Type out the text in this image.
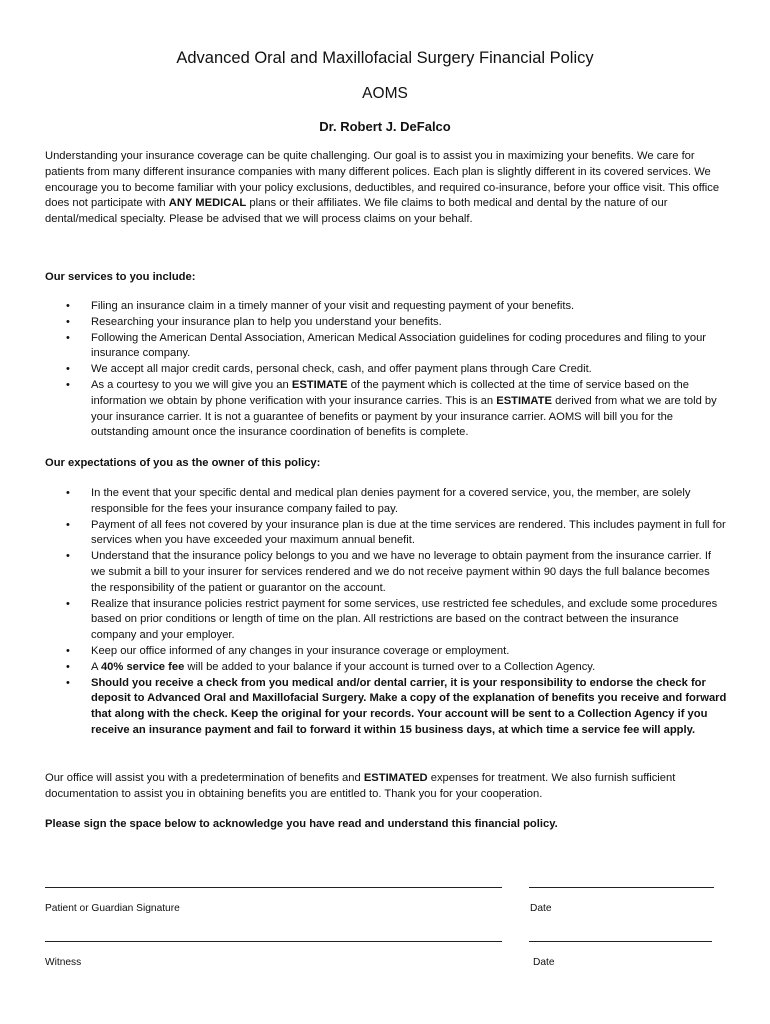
Advanced Oral and Maxillofacial Surgery Financial Policy
AOMS
Dr. Robert J. DeFalco

Understanding your insurance coverage can be quite challenging. Our goal is to assist you in maximizing your benefits. We care for patients from many different insurance companies with many different polices. Each plan is slightly different in its covered services. We encourage you to become familiar with your policy exclusions, deductibles, and required co-insurance, before your office visit. This office does not participate with ANY MEDICAL plans or their affiliates. We file claims to both medical and dental by the nature of our dental/medical specialty. Please be advised that we will process claims on your behalf.

Our services to you include:

• Filing an insurance claim in a timely manner of your visit and requesting payment of your benefits.
• Researching your insurance plan to help you understand your benefits.
• Following the American Dental Association, American Medical Association guidelines for coding procedures and filing to your insurance company.
• We accept all major credit cards, personal check, cash, and offer payment plans through Care Credit.
• As a courtesy to you we will give you an ESTIMATE of the payment which is collected at the time of service based on the information we obtain by phone verification with your insurance carries. This is an ESTIMATE derived from what we are told by your insurance carrier. It is not a guarantee of benefits or payment by your insurance carrier. AOMS will bill you for the outstanding amount once the insurance coordination of benefits is complete.

Our expectations of you as the owner of this policy:

• In the event that your specific dental and medical plan denies payment for a covered service, you, the member, are solely responsible for the fees your insurance company failed to pay.
• Payment of all fees not covered by your insurance plan is due at the time services are rendered. This includes payment in full for services when you have exceeded your maximum annual benefit.
• Understand that the insurance policy belongs to you and we have no leverage to obtain payment from the insurance carrier. If we submit a bill to your insurer for services rendered and we do not receive payment within 90 days the full balance becomes the responsibility of the patient or guarantor on the account.
• Realize that insurance policies restrict payment for some services, use restricted fee schedules, and exclude some procedures based on prior conditions or length of time on the plan. All restrictions are based on the contract between the insurance company and your employer.
• Keep our office informed of any changes in your insurance coverage or employment.
• A 40% service fee will be added to your balance if your account is turned over to a Collection Agency.
• Should you receive a check from you medical and/or dental carrier, it is your responsibility to endorse the check for deposit to Advanced Oral and Maxillofacial Surgery. Make a copy of the explanation of benefits you receive and forward that along with the check. Keep the original for your records. Your account will be sent to a Collection Agency if you receive an insurance payment and fail to forward it within 15 business days, at which time a service fee will apply.

Our office will assist you with a predetermination of benefits and ESTIMATED expenses for treatment. We also furnish sufficient documentation to assist you in obtaining benefits you are entitled to. Thank you for your cooperation.

Please sign the space below to acknowledge you have read and understand this financial policy.

Patient or Guardian Signature	Date
Witness	Date
